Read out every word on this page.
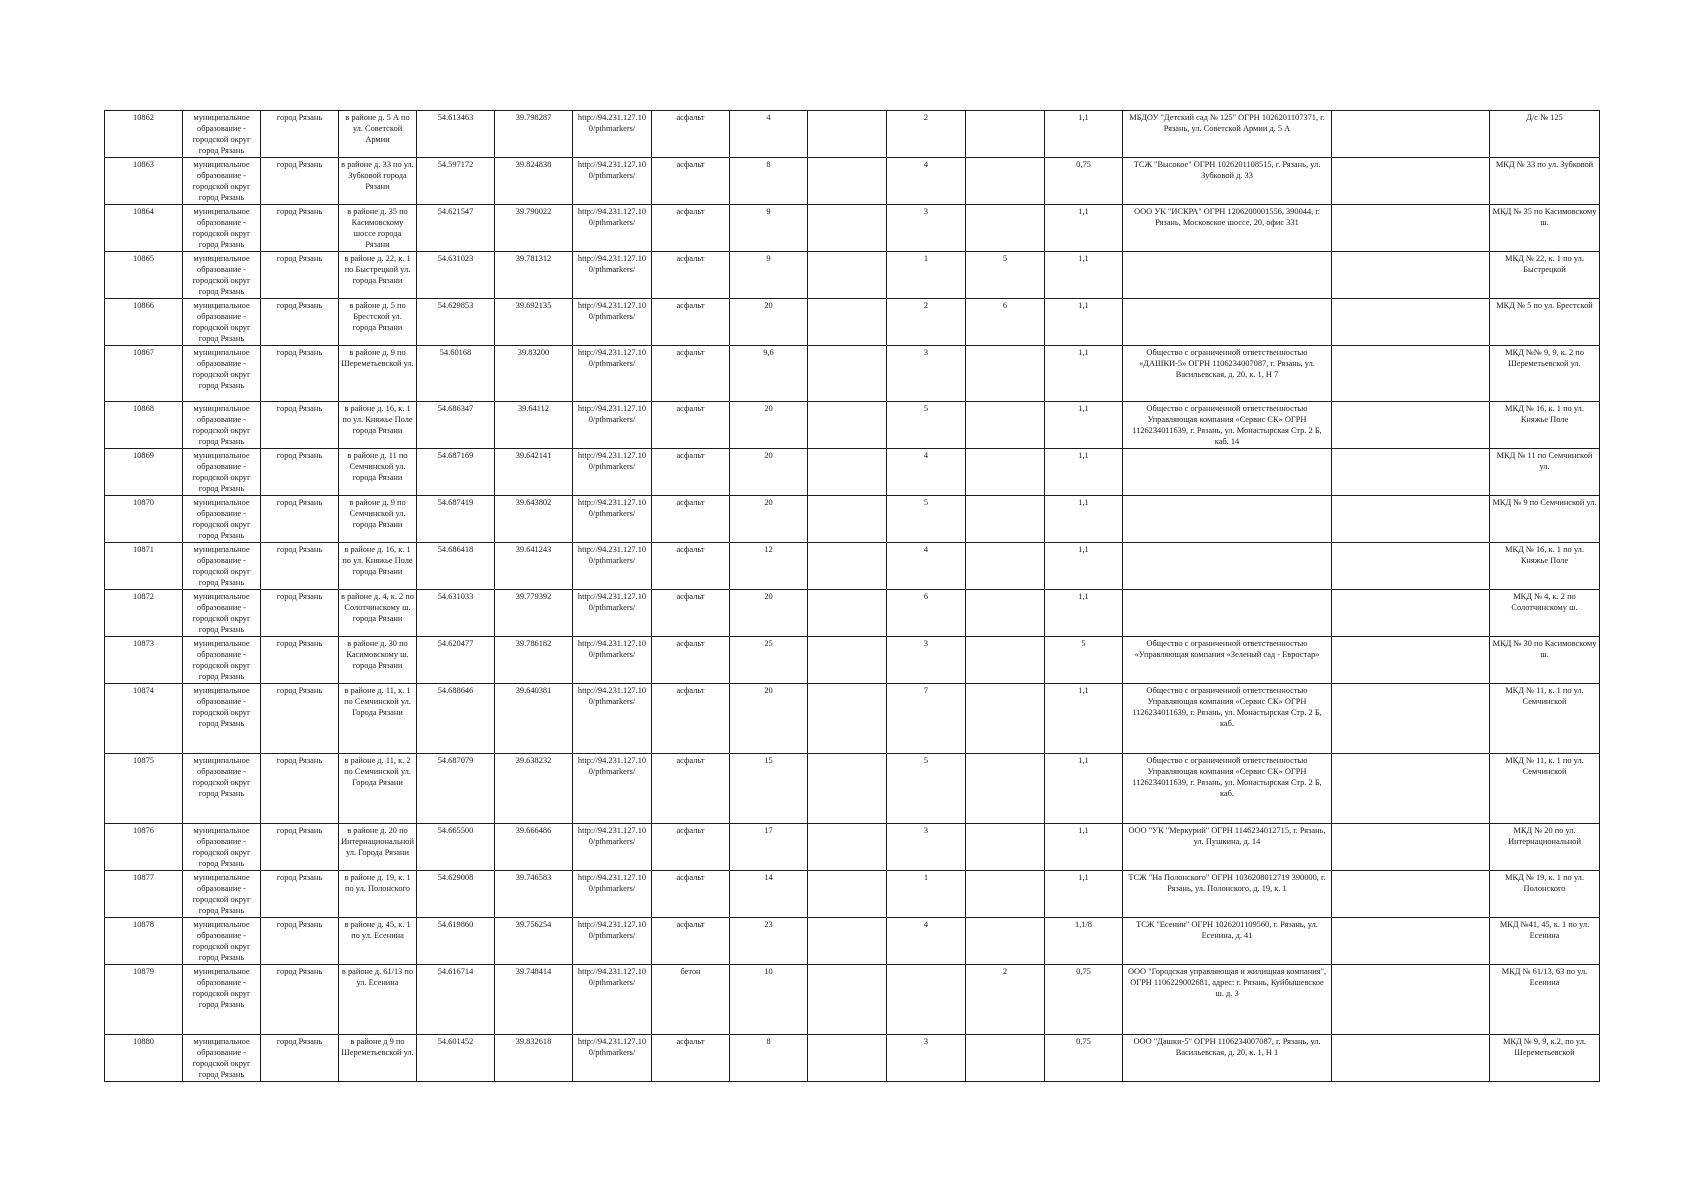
10862	муниципальное образование - городской округ город Рязань	город Рязань	в районе д. 5 А по ул. Советской Армии	54.613463	39.798287	http://94.231.127.10 0/pthmarkers/	асфальт	4		2		1,1	МБДОУ "Детский сад № 125" ОГРН 1026201107371, г. Рязань, ул. Советской Армии д. 5 А		Д/с № 125
10863	муниципальное образование - городской округ город Рязань	город Рязань	в районе д. 33 по ул. Зубковой города Рязани	54.597172	39.824838	http://94.231.127.10 0/pthmarkers/	асфальт	8		4		0,75	ТСЖ "Высокое" ОГРН 1026201108515, г. Рязань, ул. Зубковой д. 33		МКД № 33 по ул. Зубковой
10864	муниципальное образование - городской округ город Рязань	город Рязань	в районе д. 35 по Касимовскому шоссе города Рязани	54.621547	39.790022	http://94.231.127.10 0/pthmarkers/	асфальт	9		3		1,1	ООО УК "ИСКРА" ОГРН 1206200001556, 390044, г. Рязань, Московское шоссе, 20, офис 331		МКД № 35 по Касимовскому ш.
10865	муниципальное образование - городской округ город Рязань	город Рязань	в районе д. 22, к. 1 по Быстрецкой ул. города Рязани	54.631023	39.781312	http://94.231.127.10 0/pthmarkers/	асфальт	9		1	5	1,1			МКД № 22, к. 1 по ул. Быстрецкой
10866	муниципальное образование - городской округ город Рязань	город Рязань	в районе д. 5 по Брестской ул. города Рязани	54.629853	39.692135	http://94.231.127.10 0/pthmarkers/	асфальт	20		2	6	1,1			МКД № 5 по ул. Брестской
10867	муниципальное образование - городской округ город Рязань	город Рязань	в районе д. 9 по Шереметьевской ул.	54.60168	39.83200	http://94.231.127.10 0/pthmarkers/	асфальт	9,6		3		1,1	Общество с ограниченной ответственностью «ДАШКИ-5» ОГРН 1106234007087, г. Рязань, ул. Васильевская, д. 20, к. 1, Н 7		МКД №№ 9, 9, к. 2 по Шереметьевской ул.
10868	муниципальное образование - городской округ город Рязань	город Рязань	в районе д. 16, к. 1 по ул. Княжье Поле города Рязани	54.686347	39.64112	http://94.231.127.10 0/pthmarkers/	асфальт	20		5		1,1	Общество с ограниченной ответственностью Управляющая компания «Сервис СК» ОГРН 1126234011639, г. Рязань, ул. Монастырская Стр. 2 Б, каб. 14		МКД № 16, к. 1 по ул. Княжье Поле
10869	муниципальное образование - городской округ город Рязань	город Рязань	в районе д. 11 по Семчинской ул. города Рязани	54.687169	39.642141	http://94.231.127.10 0/pthmarkers/	асфальт	20		4		1,1			МКД № 11 по Семчинской ул.
10870	муниципальное образование - городской округ город Рязань	город Рязань	в районе д. 9 по Семчинской ул. города Рязани	54.687419	39.643802	http://94.231.127.10 0/pthmarkers/	асфальт	20		5		1,1			МКД № 9 по Семчинской ул.
10871	муниципальное образование - городской округ город Рязань	город Рязань	в районе д. 16, к. 1 по ул. Княжье Поле города Рязани	54.686418	39.641243	http://94.231.127.10 0/pthmarkers/	асфальт	12		4		1,1			МКД № 16, к. 1 по ул. Княжье Поле
10872	муниципальное образование - городской округ город Рязань	город Рязань	в районе д. 4, к. 2 по Солотчинскому ш. города Рязани	54.631033	39.779392	http://94.231.127.10 0/pthmarkers/	асфальт	20		6		1,1			МКД № 4, к. 2 по Солотчинскому ш.
10873	муниципальное образование - городской округ город Рязань	город Рязань	в районе д. 30 по Касимовскому ш. города Рязани	54.620477	39.786182	http://94.231.127.10 0/pthmarkers/	асфальт	25		3		5	Общество с ограниченной ответственностью «Управляющая компания «Зеленый сад - Евростар»		МКД № 30 по Касимовскому ш.
10874	муниципальное образование - городской округ город Рязань	город Рязань	в районе д. 11, к. 1 по Семчинской ул. Города Рязани	54.688646	39.640381	http://94.231.127.10 0/pthmarkers/	асфальт	20		7		1,1	Общество с ограниченной ответственностью Управляющая компания «Сервис СК» ОГРН 1126234011639, г. Рязань, ул. Монастырская Стр. 2 Б, каб.		МКД № 11, к. 1 по ул. Семчинской
10875	муниципальное образование - городской округ город Рязань	город Рязань	в районе д. 11, к. 2 по Семчинской ул. Города Рязани	54.687079	39.638232	http://94.231.127.10 0/pthmarkers/	асфальт	15		5		1,1	Общество с ограниченной ответственностью Управляющая компания «Сервис СК» ОГРН 1126234011639, г. Рязань, ул. Монастырская Стр. 2 Б, каб.		МКД № 11, к. 1 по ул. Семчинской
10876	муниципальное образование - городской округ город Рязань	город Рязань	в районе д. 20 по Интернациональной ул. Города Рязани	54.665500	39.666486	http://94.231.127.10 0/pthmarkers/	асфальт	17		3		1,1	ООО "УК "Меркурий" ОГРН 1146234012715, г. Рязань, ул. Пушкина, д. 14		МКД № 20 по ул. Интернациональной
10877	муниципальное образование - городской округ город Рязань	город Рязань	в районе д. 19, к. 1 по ул. Полонского	54.629008	39.746583	http://94.231.127.10 0/pthmarkers/	асфальт	14		1		1,1	ТСЖ "На Полонского" ОГРН 1036208012719 390000, г. Рязань, ул. Полонского, д. 19, к. 1		МКД № 19, к. 1 по ул. Полонского
10878	муниципальное образование - городской округ город Рязань	город Рязань	в районе д. 45, к. 1 по ул. Есенина	54.619860	39.756254	http://94.231.127.10 0/pthmarkers/	асфальт	23		4		1,1/8	ТСЖ "Есенин" ОГРН 1026201109560, г. Рязань, ул. Есенина, д. 41		МКД №41, 45, к. 1 по ул. Есенина
10879	муниципальное образование - городской округ город Рязань	город Рязань	в районе д. 61/13 по ул. Есенина	54.616714	39.748414	http://94.231.127.10 0/pthmarkers/	бетон	10			2	0,75	ООО "Городская управляющая и жилищная компания", ОГРН 1106229002681, адрес: г. Рязань, Куйбышевское ш. д. 3		МКД № 61/13, 63 по ул. Есенина
10880	муниципальное образование - городской округ город Рязань	город Рязань	в районе д 9 по Шереметьевской ул.	54.601452	39.832618	http://94.231.127.10 0/pthmarkers/	асфальт	8		3		0,75	ООО "Дашки-5" ОГРН 1106234007087, г. Рязань, ул. Васильевская, д. 20, к. 1, Н 1		МКД № 9, 9, к.2, по ул. Шереметьевской
